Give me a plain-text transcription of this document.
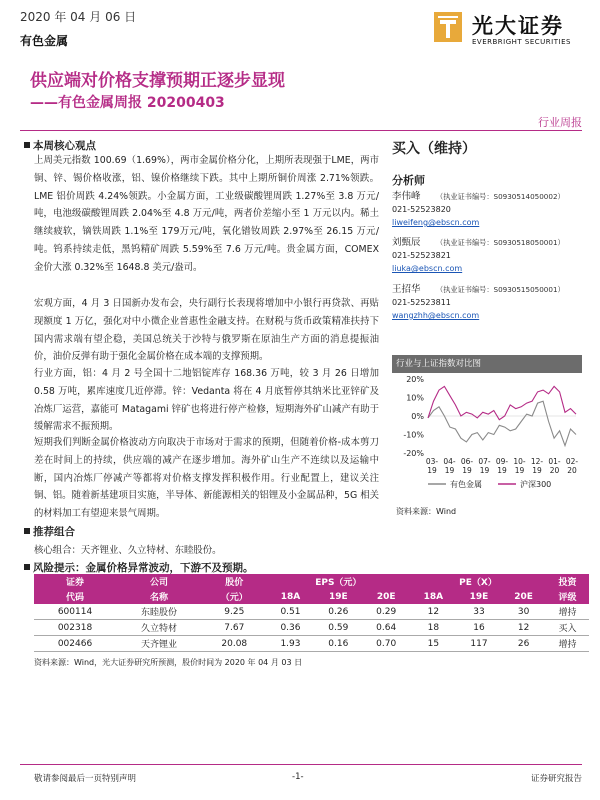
2020 年 04 月 06 日
有色金属
光大证券
EVERBRIGHT SECURITIES
供应端对价格支撑预期正逐步显现
——有色金属周报 20200403
行业周报
本周核心观点

上周美元指数 100.69（1.69%），两市金属价格分化，上期所表现强于LME，两市铜、锌、锡价格收涨，铝、镍价格继续下跌。其中上期所铜价周涨 2.71%领跌。LME 铝价周跌 4.24%领跌。小金属方面，工业级碳酸锂周跌 1.27%至 3.8 万元/吨，电池级碳酸锂周跌 2.04%至 4.8 万元/吨，两者价差缩小至 1 万元以内。稀土继续疲软，镝铁周跌 1.1%至 179万元/吨，氧化镨钕周跌 2.97%至 26.15 万元/吨。钨系持续走低，黑钨精矿周跌 5.59%至 7.6 万元/吨。贵金属方面，COMEX 金价大涨 0.32%至 1648.8 美元/盎司。

宏观方面，4 月 3 日国新办发布会，央行副行长表现将增加中小银行再贷款、再贴现额度 1 万亿，强化对中小微企业普惠性金融支持。在财税与货币政策精准扶持下国内需求端有望企稳，美国总统关于沙特与俄罗斯在原油生产方面的消息提振油价，油价反弹有助于强化金属价格在成本端的支撑预期。

行业方面，铝：4 月 2 号全国十二地铝锭库存 168.36 万吨，较 3 月 26 日增加 0.58 万吨，累库速度几近停滞。锌：Vedanta 将在 4 月底暂停其纳米比亚锌矿及冶炼厂运营，嘉能可 Matagami 锌矿也将进行停产检修，短期海外矿山减产有助于缓解需求不振预期。

短期我们判断金属价格波动方向取决于市场对于需求的预期，但随着价格-成本剪刀差在时间上的持续，供应端的减产在逐步增加。海外矿山生产不连续以及运输中断，国内冶炼厂停减产等都将对价格支撑发挥积极作用。行业配置上，建议关注铜、铝。随着新基建项目实施，半导体、新能源相关的铝锂及小金属品种，5G 相关的材料加工有望迎来景气周期。

推荐组合
核心组合：天齐锂业、久立特材、东睦股份。
风险提示：金属价格异常波动，下游不及预期。
买入（维持）
分析师
李伟峰 （执业证书编号：S0930514050002）
021-52523820
liweifeng@ebscn.com
刘甄辰 （执业证书编号：S0930518050001）
021-52523821
liuka@ebscn.com
王招华 （执业证书编号：S0930515050001）
021-52523811
wangzhh@ebscn.com
行业与上证指数对比图
20%
10%
0%
-10%
-20%
03-
19
04-
19
06-
19
07-
19
09-
19
10-
19
12-
19
01-
20
02-
20
有色金属	沪深300
资料来源：Wind
证券	公司	股价	EPS（元）			PE（X）			投资
代码	名称	（元）	18A	19E	20E	18A	19E	20E	评级
600114	东睦股份	9.25	0.51	0.26	0.29	12	33	30	增持
002318	久立特材	7.67	0.36	0.59	0.64	18	16	12	买入
002466	天齐锂业	20.08	1.93	0.16	0.70	15	117	26	增持
资料来源：Wind，光大证券研究所预测，股价时间为 2020 年 04 月 03 日
敬请参阅最后一页特别声明	-1-	证券研究报告
